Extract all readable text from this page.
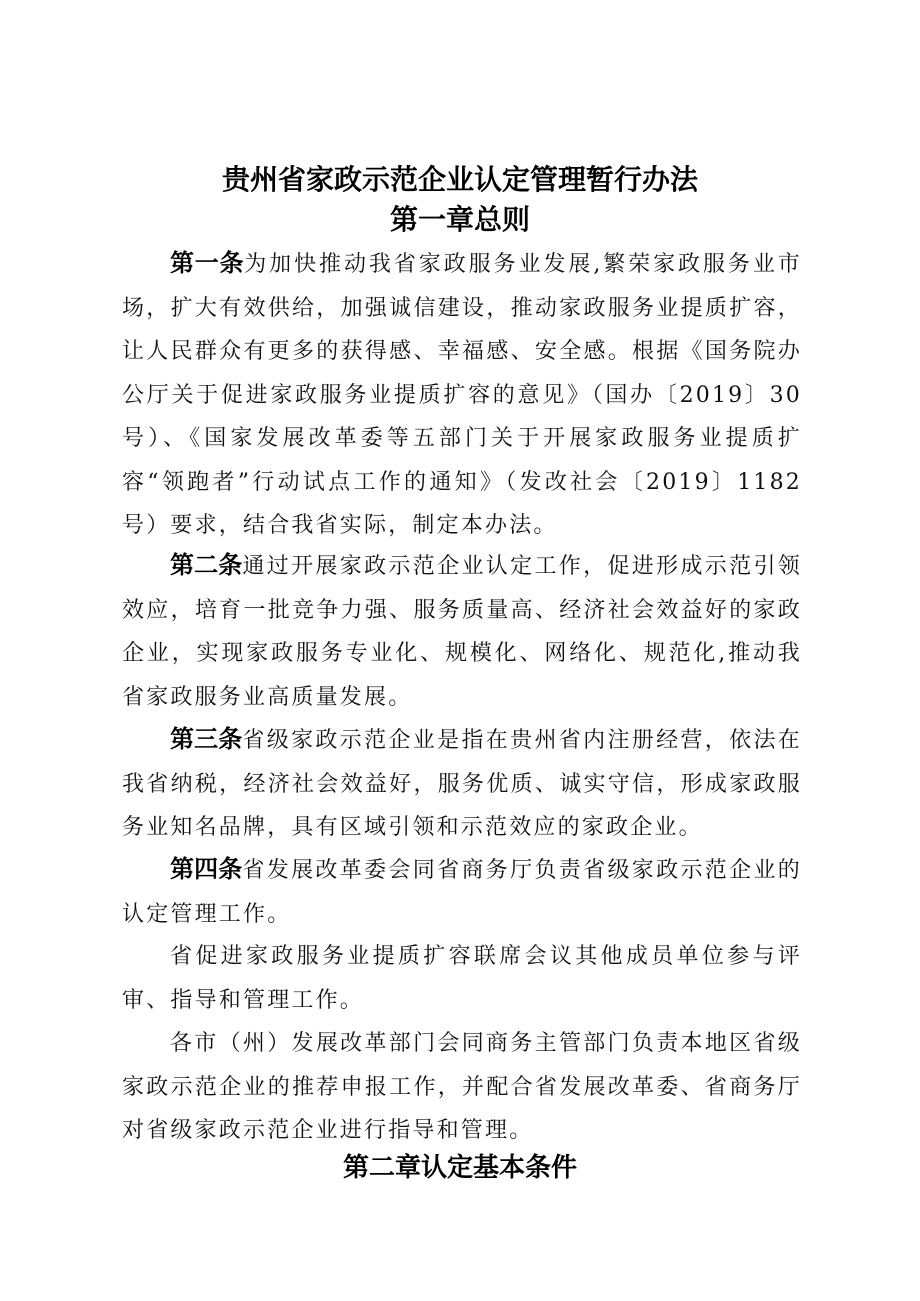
贵州省家政示范企业认定管理暂行办法
第一章总则

第一条为加快推动我省家政服务业发展,繁荣家政服务业市场，扩大有效供给，加强诚信建设，推动家政服务业提质扩容，让人民群众有更多的获得感、幸福感、安全感。根据《国务院办公厅关于促进家政服务业提质扩容的意见》（国办〔2019〕30号）、《国家发展改革委等五部门关于开展家政服务业提质扩容“领跑者”行动试点工作的通知》（发改社会〔2019〕1182号）要求，结合我省实际，制定本办法。

第二条通过开展家政示范企业认定工作，促进形成示范引领效应，培育一批竞争力强、服务质量高、经济社会效益好的家政企业，实现家政服务专业化、规模化、网络化、规范化,推动我省家政服务业高质量发展。

第三条省级家政示范企业是指在贵州省内注册经营，依法在我省纳税，经济社会效益好，服务优质、诚实守信，形成家政服务业知名品牌，具有区域引领和示范效应的家政企业。

第四条省发展改革委会同省商务厅负责省级家政示范企业的认定管理工作。

省促进家政服务业提质扩容联席会议其他成员单位参与评审、指导和管理工作。

各市（州）发展改革部门会同商务主管部门负责本地区省级家政示范企业的推荐申报工作，并配合省发展改革委、省商务厅对省级家政示范企业进行指导和管理。

第二章认定基本条件
